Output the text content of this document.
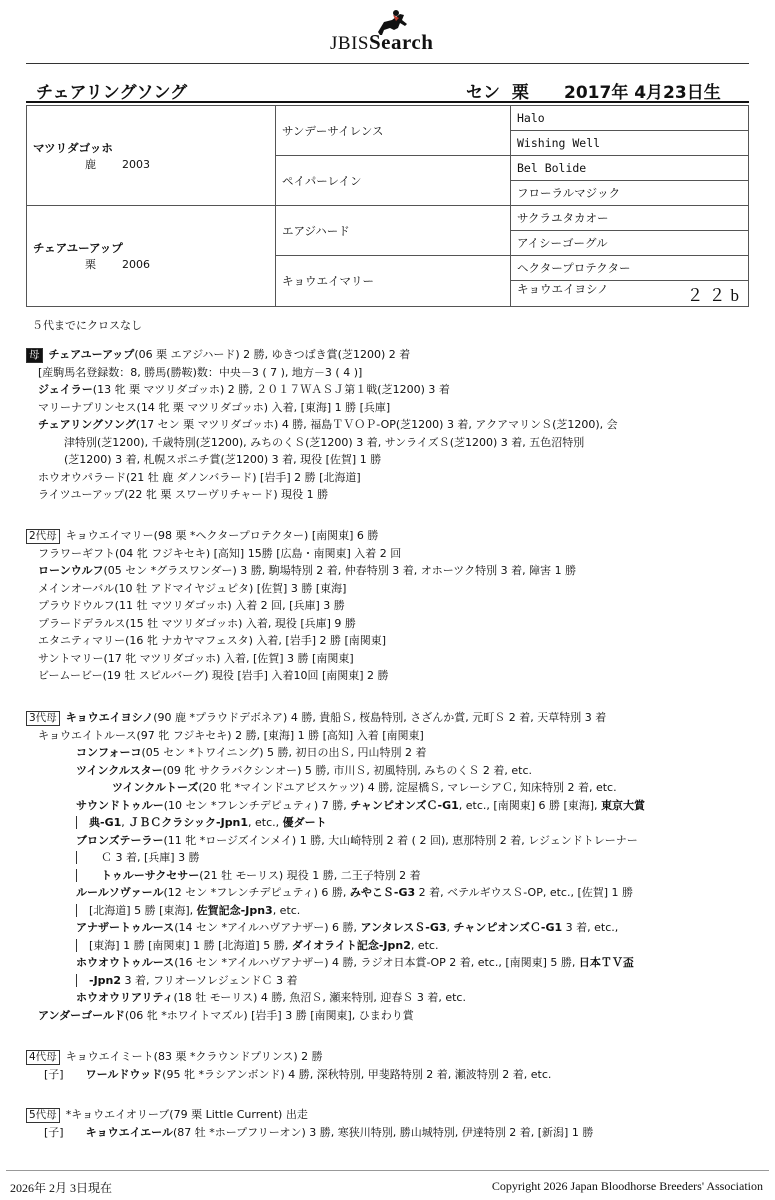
JBISSearch
チェアリングソング	セン 栗 2017年 4月23日生
マツリダゴッホ
鹿 2003	サンデーサイレンス	Halo
		Wishing Well
	ペイパーレイン	Bel Bolide
		フローラルマジック

チェアユーアップ
栗 2006	エアジハード	サクラユタカオー
		アイシーゴーグル
	キョウエイマリー	ヘクタープロテクター
		キョウエイヨシノ ２２b
５代までにクロスなし
母 チェアユーアップ(06 栗 エアジハード) 2 勝, ゆきつばき賞(芝1200) 2 着
[産駒馬名登録数：8, 勝馬(勝鞍)数：中央－3 ( 7 ), 地方－3 ( 4 )]
ジェイラー(13 牝 栗 マツリダゴッホ) 2 勝, ２０１７ＷＡＳＪ第１戦(芝1200) 3 着
マリーナプリンセス(14 牝 栗 マツリダゴッホ) 入着, [東海] 1 勝 [兵庫]
チェアリングソング(17 セン 栗 マツリダゴッホ) 4 勝, 福島ＴＶＯＰ-OP(芝1200) 3 着, アクアマリンＳ(芝1200), 会
津特別(芝1200), 千歳特別(芝1200), みちのくＳ(芝1200) 3 着, サンライズＳ(芝1200) 3 着, 五色沼特別
(芝1200) 3 着, 札幌スポニチ賞(芝1200) 3 着, 現役 [佐賀] 1 勝
ホウオウパラード(21 牡 鹿 ダノンバラード) [岩手] 2 勝 [北海道]
ライツユーアップ(22 牝 栗 スワーヴリチャード) 現役 1 勝
2代母 キョウエイマリー(98 栗 *ヘクタープロテクター) [南関東] 6 勝
フラワーギフト(04 牝 フジキセキ) [高知] 15勝 [広島・南関東] 入着 2 回
ローンウルフ(05 セン *グラスワンダー) 3 勝, 駒場特別 2 着, 仲春特別 3 着, オホーツク特別 3 着, 障害 1 勝
メインオーバル(10 牡 アドマイヤジュピタ) [佐賀] 3 勝 [東海]
プラウドウルフ(11 牡 マツリダゴッホ) 入着 2 回, [兵庫] 3 勝
プラードデラルス(15 牡 マツリダゴッホ) 入着, 現役 [兵庫] 9 勝
エタニティマリー(16 牝 ナカヤマフェスタ) 入着, [岩手] 2 勝 [南関東]
サントマリー(17 牝 マツリダゴッホ) 入着, [佐賀] 3 勝 [南関東]
ビームービー(19 牡 スピルバーグ) 現役 [岩手] 入着10回 [南関東] 2 勝
3代母 キョウエイヨシノ(90 鹿 *プラウドデボネア) 4 勝, 貴船Ｓ, 桜島特別, さざんか賞, 元町Ｓ 2 着, 天草特別 3 着
キョウエイトルース(97 牝 フジキセキ) 2 勝, [東海] 1 勝 [高知] 入着 [南関東]
コンフォーコ(05 セン *トワイニング) 5 勝, 初日の出Ｓ, 円山特別 2 着
ツインクルスター(09 牝 サクラバクシンオー) 5 勝, 市川Ｓ, 初風特別, みちのくＳ 2 着, etc.
ツインクルトーズ(20 牝 *マインドユアビスケッツ) 4 勝, 淀屋橋Ｓ, マレーシアＣ, 知床特別 2 着, etc.
サウンドトゥルー(10 セン *フレンチデピュティ) 7 勝, チャンピオンズＣ-G1, etc., [南関東] 6 勝 [東海], 東京大賞
典-G1, ＪＢＣクラシック-Jpn1, etc., 優ダート
ブロンズテーラー(11 牝 *ロージズインメイ) 1 勝, 大山崎特別 2 着 ( 2 回), 恵那特別 2 着, レジェンドトレーナー
Ｃ 3 着, [兵庫] 3 勝
トゥルーサクセサー(21 牡 モーリス) 現役 1 勝, 二王子特別 2 着
ルールソヴァール(12 セン *フレンチデピュティ) 6 勝, みやこＳ-G3 2 着, ベテルギウスＳ-OP, etc., [佐賀] 1 勝
[北海道] 5 勝 [東海], 佐賀記念-Jpn3, etc.
アナザートゥルース(14 セン *アイルハヴアナザー) 6 勝, アンタレスＳ-G3, チャンピオンズＣ-G1 3 着, etc.,
[東海] 1 勝 [南関東] 1 勝 [北海道] 5 勝, ダイオライト記念-Jpn2, etc.
ホウオウトゥルース(16 セン *アイルハヴアナザー) 4 勝, ラジオ日本賞-OP 2 着, etc., [南関東] 5 勝, 日本ＴＶ盃
-Jpn2 3 着, フリオーソレジェンドＣ 3 着
ホウオウリアリティ(18 牡 モーリス) 4 勝, 魚沼Ｓ, 瀬来特別, 迎春Ｓ 3 着, etc.
アンダーゴールド(06 牝 *ホワイトマズル) [岩手] 3 勝 [南関東], ひまわり賞
4代母 キョウエイミート(83 栗 *クラウンドプリンス) 2 勝
[子] ワールドウッド(95 牝 *ラシアンボンド) 4 勝, 深秋特別, 甲斐路特別 2 着, 瀬波特別 2 着, etc.
5代母 *キョウエイオリーブ(79 栗 Little Current) 出走
[子] キョウエイエール(87 牡 *ホープフリーオン) 3 勝, 寒狭川特別, 勝山城特別, 伊達特別 2 着, [新潟] 1 勝
2026年 2月 3日現在	Copyright 2026 Japan Bloodhorse Breeders' Association
